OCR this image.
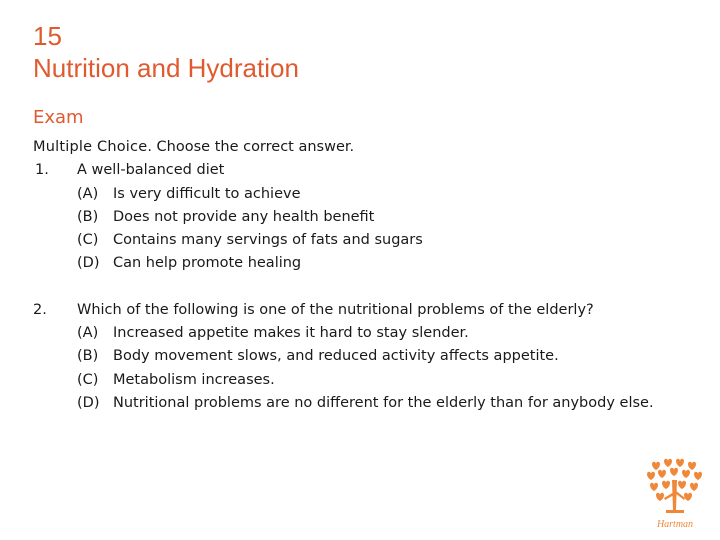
15
Nutrition and Hydration
Exam
Multiple Choice. Choose the correct answer.
1. A well-balanced diet
(A)	Is very difficult to achieve
(B)	Does not provide any health benefit
(C)	Contains many servings of fats and sugars
(D) Can help promote healing
2. Which of the following is one of the nutritional problems of the elderly?
(A)	Increased appetite makes it hard to stay slender.
(B)	Body movement slows, and reduced activity affects appetite.
(C)	Metabolism increases.
(D) Nutritional problems are no different for the elderly than for anybody else.
Hartman
